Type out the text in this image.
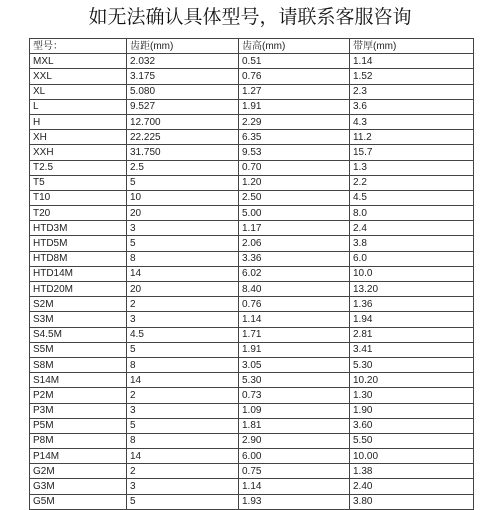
如无法确认具体型号，请联系客服咨询
型号：	齿距(mm)	齿高(mm)	带厚(mm)
MXL	2.032	0.51	1.14
XXL	3.175	0.76	1.52
XL	5.080	1.27	2.3
L	9.527	1.91	3.6
H	12.700	2.29	4.3
XH	22.225	6.35	11.2
XXH	31.750	9.53	15.7
T2.5	2.5	0.70	1.3
T5	5	1.20	2.2
T10	10	2.50	4.5
T20	20	5.00	8.0
HTD3M	3	1.17	2.4
HTD5M	5	2.06	3.8
HTD8M	8	3.36	6.0
HTD14M	14	6.02	10.0
HTD20M	20	8.40	13.20
S2M	2	0.76	1.36
S3M	3	1.14	1.94
S4.5M	4.5	1.71	2.81
S5M	5	1.91	3.41
S8M	8	3.05	5.30
S14M	14	5.30	10.20
P2M	2	0.73	1.30
P3M	3	1.09	1.90
P5M	5	1.81	3.60
P8M	8	2.90	5.50
P14M	14	6.00	10.00
G2M	2	0.75	1.38
G3M	3	1.14	2.40
G5M	5	1.93	3.80
